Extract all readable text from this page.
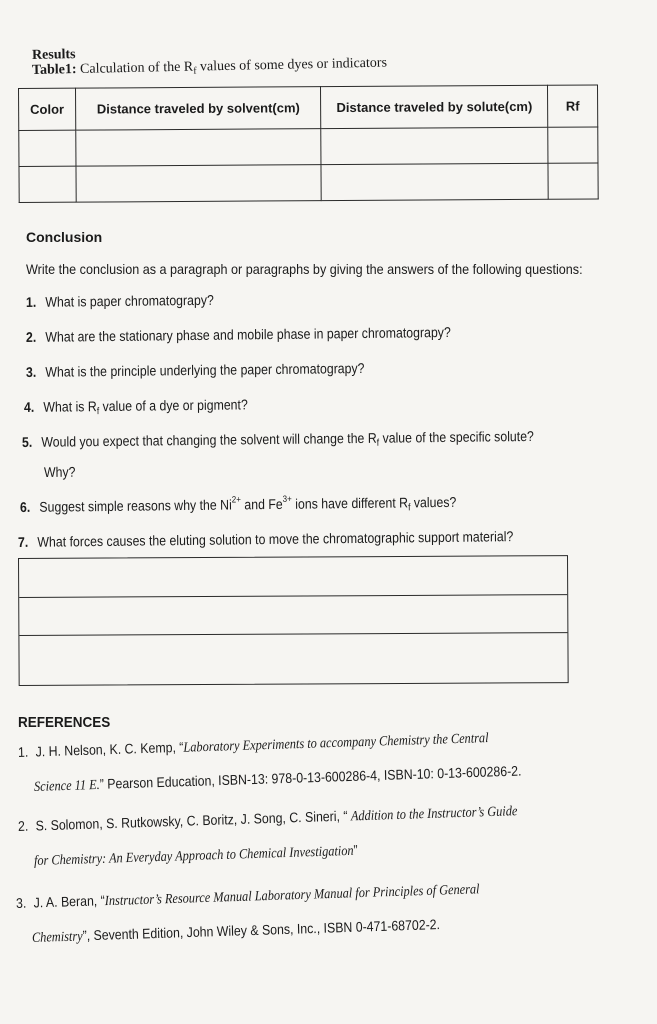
Results
Table1: Calculation of the $R_f$ values of some dyes or indicators
Color	Distance traveled by solvent(cm)	Distance traveled by solute(cm)	Rf

Conclusion
Write the conclusion as a paragraph or paragraphs by giving the answers of the following questions:
1. What is paper chromatograpy?
2. What are the stationary phase and mobile phase in paper chromatograpy?
3. What is the principle underlying the paper chromatograpy?
4. What is $R_f$ value of a dye or pigment?
5. Would you expect that changing the solvent will change the $R_f$ value of the specific solute?
Why?
6. Suggest simple reasons why the $Ni^{2+}$ and $Fe^{3+}$ ions have different $R_f$ values?
7. What forces causes the eluting solution to move the chromatographic support material?
REFERENCES
1. J. H. Nelson, K. C. Kemp, “Laboratory Experiments to accompany Chemistry the Central
Science 11 E.” Pearson Education, ISBN-13: 978-0-13-600286-4, ISBN-10: 0-13-600286-2.
2. S. Solomon, S. Rutkowsky, C. Boritz, J. Song, C. Sineri, “ Addition to the Instructor’s Guide
for Chemistry: An Everyday Approach to Chemical Investigation”
3. J. A. Beran, “Instructor’s Resource Manual Laboratory Manual for Principles of General
Chemistry”, Seventh Edition, John Wiley & Sons, Inc., ISBN 0-471-68702-2.
